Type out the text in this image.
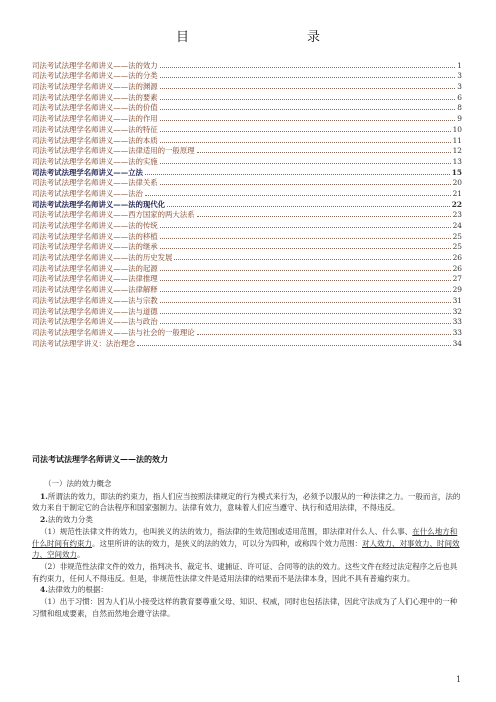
目录
司法考试法理学名师讲义——法的效力	1
司法考试法理学名师讲义——法的分类	3
司法考试法理学名师讲义——法的渊源	3
司法考试法理学名师讲义——法的要素	6
司法考试法理学名师讲义——法的价值	8
司法考试法理学名师讲义——法的作用	9
司法考试法理学名师讲义——法的特征	10
司法考试法理学名师讲义——法的本质	11
司法考试法理学名师讲义——法律适用的一般原理	12
司法考试法理学名师讲义——法的实施	13
司法考试法理学名师讲义——立法	15
司法考试法理学名师讲义——法律关系	20
司法考试法理学名师讲义——法治	21
司法考试法理学名师讲义——法的现代化	22
司法考试法理学名师讲义——西方国家的两大法系	23
司法考试法理学名师讲义——法的传统	24
司法考试法理学名师讲义——法的移植	25
司法考试法理学名师讲义——法的继承	25
司法考试法理学名师讲义——法的历史发展	26
司法考试法理学名师讲义——法的起源	26
司法考试法理学名师讲义——法律推理	27
司法考试法理学名师讲义——法律解释	29
司法考试法理学名师讲义——法与宗教	31
司法考试法理学名师讲义——法与道德	32
司法考试法理学名师讲义——法与政治	33
司法考试法理学名师讲义——法与社会的一般理论	33
司法考试法理学讲义：法治理念	34
司法考试法理学名师讲义——法的效力

（一）法的效力概念

1.所谓法的效力，即法的约束力，指人们应当按照法律规定的行为模式来行为，必须予以服从的一种法律之力。一般而言，法的效力来自于制定它的合法程序和国家强制力。法律有效力，意味着人们应当遵守、执行和适用法律，不得违反。

2.法的效力分类

（1）规范性法律文件的效力，也叫狭义的法的效力，指法律的生效范围或适用范围，即法律对什么人、什么事、在什么地方和什么时间有约束力。这里所讲的法的效力，是狭义的法的效力，可以分为四种，或称四个效力范围：对人效力、对事效力、时间效力、空间效力。

（2）非规范性法律文件的效力，指判决书、裁定书、逮捕证、许可证、合同等的法的效力。这些文件在经过法定程序之后也具有约束力，任何人不得违反。但是，非规范性法律文件是适用法律的结果而不是法律本身，因此不具有普遍约束力。

4.法律效力的根据：

（1）出于习惯：因为人们从小接受这样的教育要尊重父母、知识、权威，同时也包括法律，因此守法成为了人们心理中的一种习惯和组成要素，自然而然地会遵守法律。

1
